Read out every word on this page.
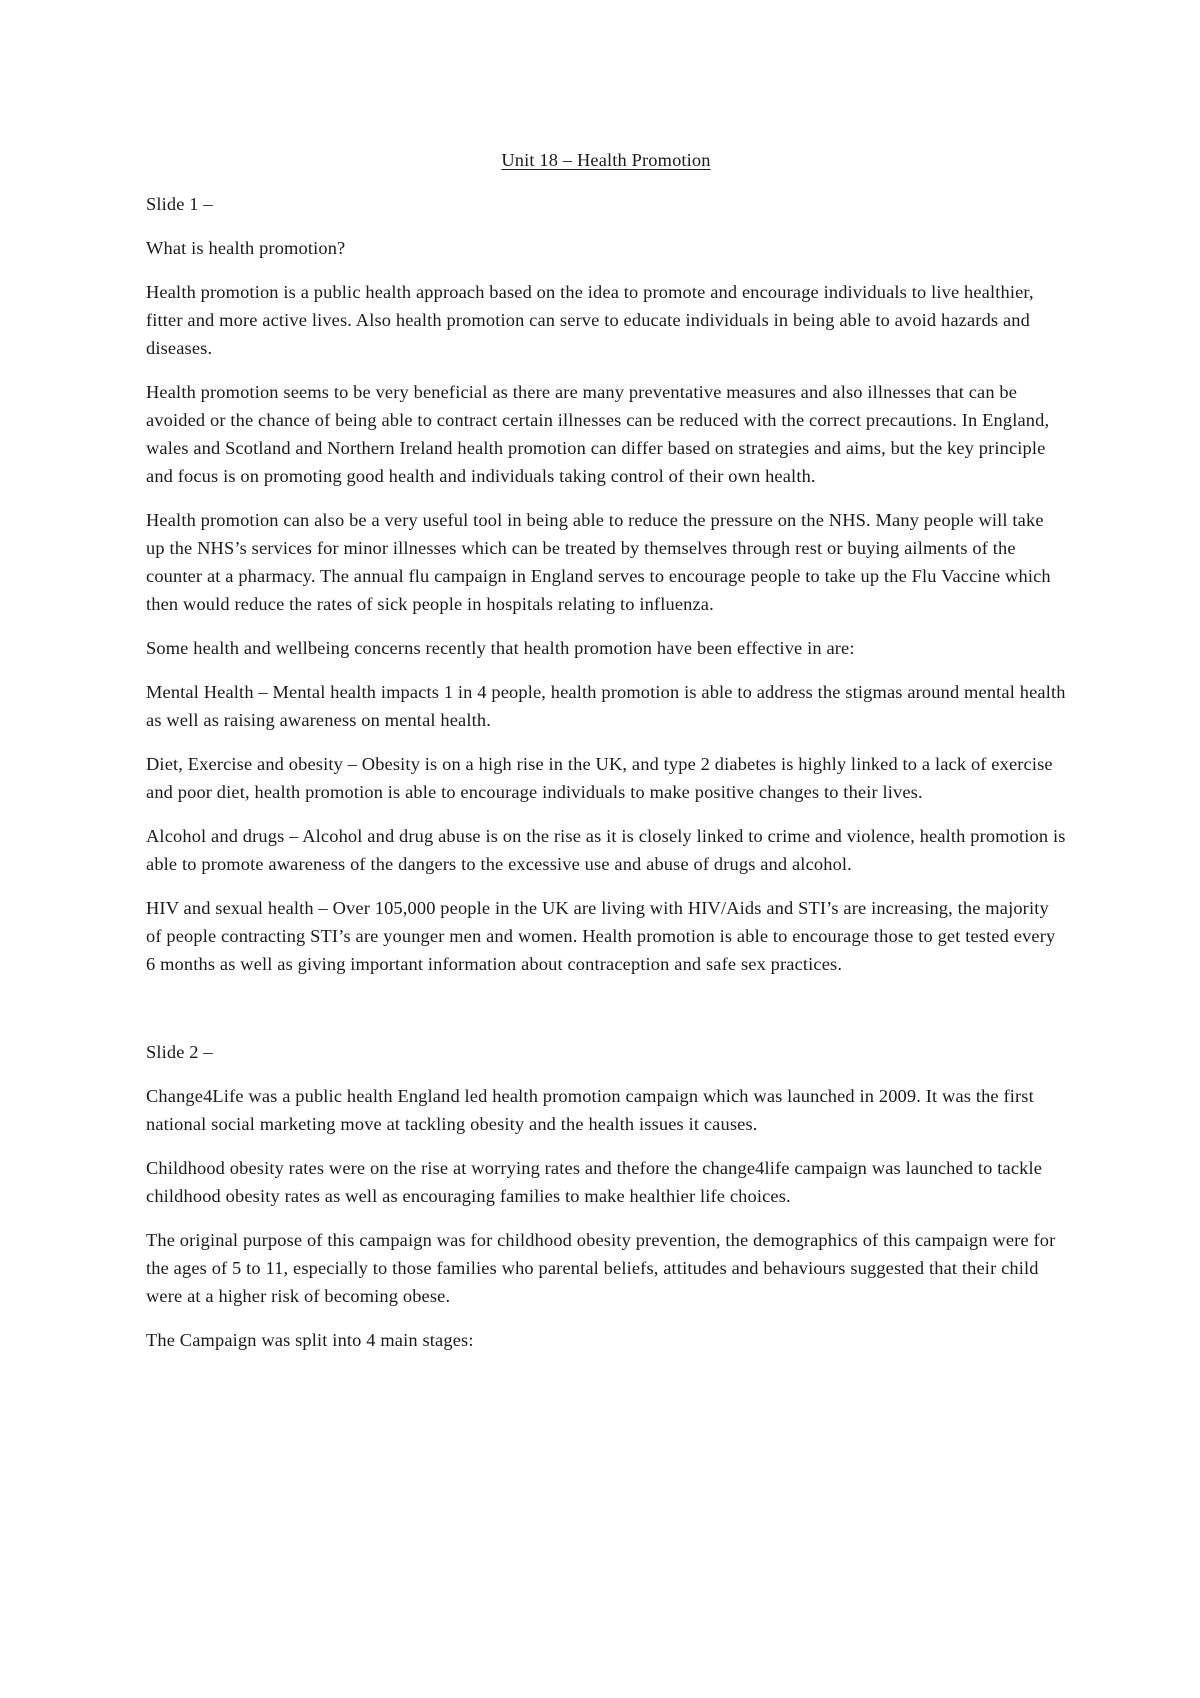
Unit 18 – Health Promotion

Slide 1 –

What is health promotion?

Health promotion is a public health approach based on the idea to promote and encourage individuals to live healthier, fitter and more active lives. Also health promotion can serve to educate individuals in being able to avoid hazards and diseases.

Health promotion seems to be very beneficial as there are many preventative measures and also illnesses that can be avoided or the chance of being able to contract certain illnesses can be reduced with the correct precautions. In England, wales and Scotland and Northern Ireland health promotion can differ based on strategies and aims, but the key principle and focus is on promoting good health and individuals taking control of their own health.

Health promotion can also be a very useful tool in being able to reduce the pressure on the NHS. Many people will take up the NHS’s services for minor illnesses which can be treated by themselves through rest or buying ailments of the counter at a pharmacy. The annual flu campaign in England serves to encourage people to take up the Flu Vaccine which then would reduce the rates of sick people in hospitals relating to influenza.

Some health and wellbeing concerns recently that health promotion have been effective in are:

Mental Health – Mental health impacts 1 in 4 people, health promotion is able to address the stigmas around mental health as well as raising awareness on mental health.

Diet, Exercise and obesity – Obesity is on a high rise in the UK, and type 2 diabetes is highly linked to a lack of exercise and poor diet, health promotion is able to encourage individuals to make positive changes to their lives.

Alcohol and drugs – Alcohol and drug abuse is on the rise as it is closely linked to crime and violence, health promotion is able to promote awareness of the dangers to the excessive use and abuse of drugs and alcohol.

HIV and sexual health – Over 105,000 people in the UK are living with HIV/Aids and STI’s are increasing, the majority of people contracting STI’s are younger men and women. Health promotion is able to encourage those to get tested every 6 months as well as giving important information about contraception and safe sex practices.

Slide 2 –

Change4Life was a public health England led health promotion campaign which was launched in 2009. It was the first national social marketing move at tackling obesity and the health issues it causes.

Childhood obesity rates were on the rise at worrying rates and thefore the change4life campaign was launched to tackle childhood obesity rates as well as encouraging families to make healthier life choices.

The original purpose of this campaign was for childhood obesity prevention, the demographics of this campaign were for the ages of 5 to 11, especially to those families who parental beliefs, attitudes and behaviours suggested that their child were at a higher risk of becoming obese.

The Campaign was split into 4 main stages:
